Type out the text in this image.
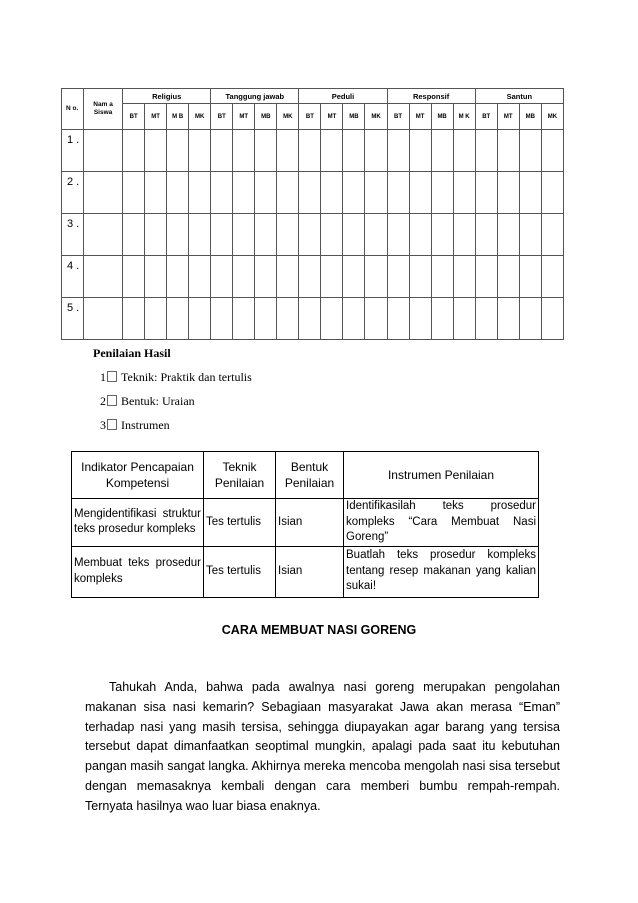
N o.	Nam a Siswa	Religius				Tanggung jawab				Peduli				Responsif				Santun			
		BT	MT	M B	MK	BT	MT	MB	MK	BT	MT	MB	MK	BT	MT	MB	M K	BT	MT	MB	MK
1 .																					
2 .																					
3 .																					
4 .																					
5 .																					
Penilaian Hasil
1 Teknik: Praktik dan tertulis
2 Bentuk: Uraian
3 Instrumen
Indikator Pencapaian Kompetensi	Teknik Penilaian	Bentuk Penilaian	Instrumen Penilaian
Mengidentifikasi struktur teks prosedur kompleks	Tes tertulis	Isian	Identifikasilah teks prosedur kompleks “Cara Membuat Nasi Goreng”
Membuat teks prosedur kompleks	Tes tertulis	Isian	Buatlah teks prosedur kompleks tentang resep makanan yang kalian sukai!
CARA MEMBUAT NASI GORENG
Tahukah Anda, bahwa pada awalnya nasi goreng merupakan pengolahan makanan sisa nasi kemarin? Sebagiaan masyarakat Jawa akan merasa “Eman” terhadap nasi yang masih tersisa, sehingga diupayakan agar barang yang tersisa tersebut dapat dimanfaatkan seoptimal mungkin, apalagi pada saat itu kebutuhan pangan masih sangat langka. Akhirnya mereka mencoba mengolah nasi sisa tersebut dengan memasaknya kembali dengan cara memberi bumbu rempah-rempah. Ternyata hasilnya wao luar biasa enaknya.
